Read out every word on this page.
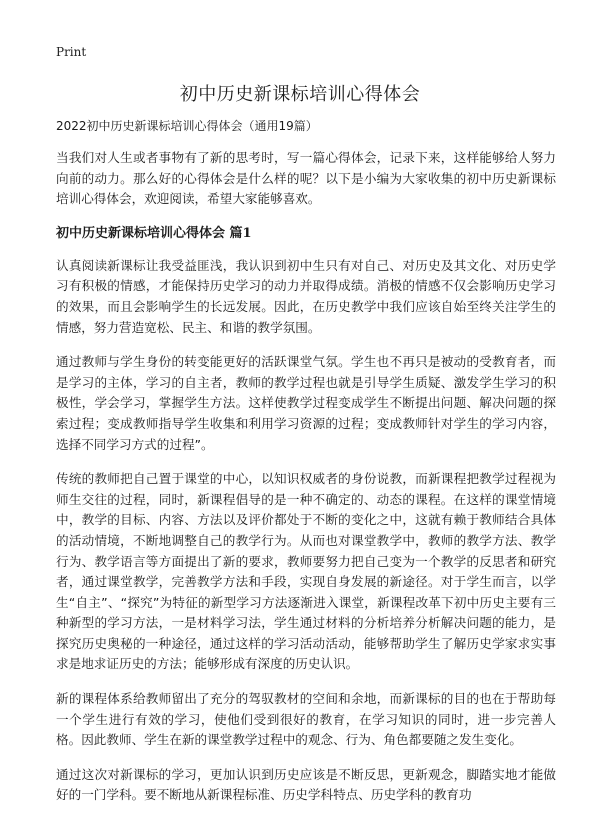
Print
初中历史新课标培训心得体会
2022初中历史新课标培训心得体会（通用19篇）

当我们对人生或者事物有了新的思考时，写一篇心得体会，记录下来，这样能够给人努力向前的动力。那么好的心得体会是什么样的呢？以下是小编为大家收集的初中历史新课标培训心得体会，欢迎阅读，希望大家能够喜欢。

初中历史新课标培训心得体会 篇1

认真阅读新课标让我受益匪浅，我认识到初中生只有对自己、对历史及其文化、对历史学习有积极的情感，才能保持历史学习的动力并取得成绩。消极的情感不仅会影响历史学习的效果，而且会影响学生的长远发展。因此，在历史教学中我们应该自始至终关注学生的情感，努力营造宽松、民主、和谐的教学氛围。

通过教师与学生身份的转变能更好的活跃课堂气氛。学生也不再只是被动的受教育者，而是学习的主体，学习的自主者，教师的教学过程也就是引导学生质疑、激发学生学习的积极性，学会学习，掌握学生方法。这样使教学过程变成学生不断提出问题、解决问题的探索过程；变成教师指导学生收集和利用学习资源的过程；变成教师针对学生的学习内容，选择不同学习方式的过程”。

传统的教师把自己置于课堂的中心，以知识权威者的身份说教，而新课程把教学过程视为师生交往的过程，同时，新课程倡导的是一种不确定的、动态的课程。在这样的课堂情境中，教学的目标、内容、方法以及评价都处于不断的变化之中，这就有赖于教师结合具体的活动情境，不断地调整自己的教学行为。从而也对课堂教学中，教师的教学方法、教学行为、教学语言等方面提出了新的要求，教师要努力把自己变为一个教学的反思者和研究者，通过课堂教学，完善教学方法和手段，实现自身发展的新途径。对于学生而言，以学生“自主”、“探究”为特征的新型学习方法逐渐进入课堂，新课程改革下初中历史主要有三种新型的学习方法，一是材料学习法，学生通过材料的分析培养分析解决问题的能力，是探究历史奥秘的一种途径，通过这样的学习活动活动，能够帮助学生了解历史学家求实事求是地求证历史的方法；能够形成有深度的历史认识。

新的课程体系给教师留出了充分的驾驭教材的空间和余地，而新课标的目的也在于帮助每一个学生进行有效的学习，使他们受到很好的教育，在学习知识的同时，进一步完善人格。因此教师、学生在新的课堂教学过程中的观念、行为、角色都要随之发生变化。

通过这次对新课标的学习，更加认识到历史应该是不断反思，更新观念，脚踏实地才能做好的一门学科。要不断地从新课程标准、历史学科特点、历史学科的教育功
